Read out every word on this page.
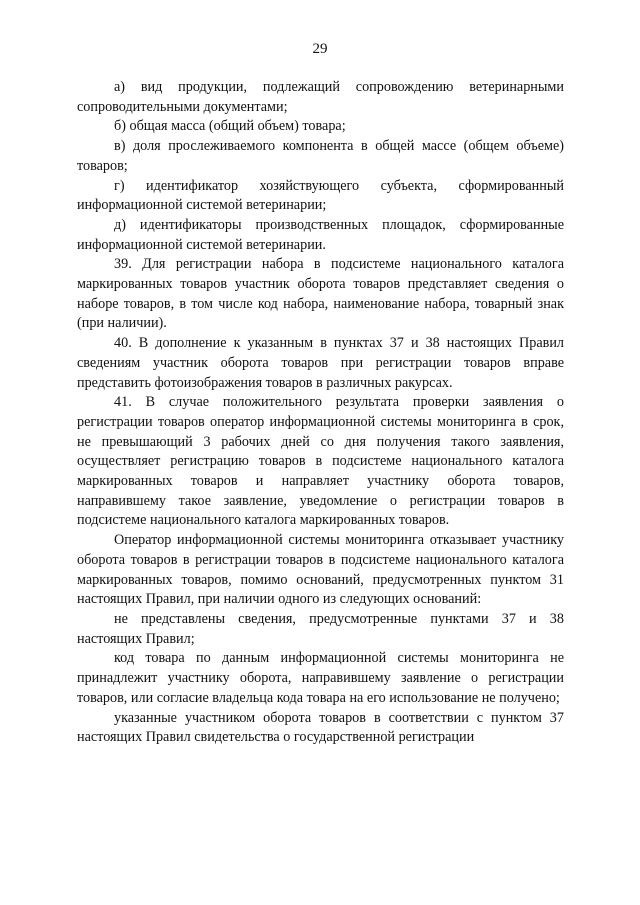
29

а) вид продукции, подлежащий сопровождению ветеринарными сопроводительными документами;

б) общая масса (общий объем) товара;

в) доля прослеживаемого компонента в общей массе (общем объеме) товаров;

г) идентификатор хозяйствующего субъекта, сформированный информационной системой ветеринарии;

д) идентификаторы производственных площадок, сформированные информационной системой ветеринарии.

39. Для регистрации набора в подсистеме национального каталога маркированных товаров участник оборота товаров представляет сведения о наборе товаров, в том числе код набора, наименование набора, товарный знак (при наличии).

40. В дополнение к указанным в пунктах 37 и 38 настоящих Правил сведениям участник оборота товаров при регистрации товаров вправе представить фотоизображения товаров в различных ракурсах.

41. В случае положительного результата проверки заявления о регистрации товаров оператор информационной системы мониторинга в срок, не превышающий 3 рабочих дней со дня получения такого заявления, осуществляет регистрацию товаров в подсистеме национального каталога маркированных товаров и направляет участнику оборота товаров, направившему такое заявление, уведомление о регистрации товаров в подсистеме национального каталога маркированных товаров.

Оператор информационной системы мониторинга отказывает участнику оборота товаров в регистрации товаров в подсистеме национального каталога маркированных товаров, помимо оснований, предусмотренных пунктом 31 настоящих Правил, при наличии одного из следующих оснований:

не представлены сведения, предусмотренные пунктами 37 и 38 настоящих Правил;

код товара по данным информационной системы мониторинга не принадлежит участнику оборота, направившему заявление о регистрации товаров, или согласие владельца кода товара на его использование не получено;

указанные участником оборота товаров в соответствии с пунктом 37 настоящих Правил свидетельства о государственной регистрации
